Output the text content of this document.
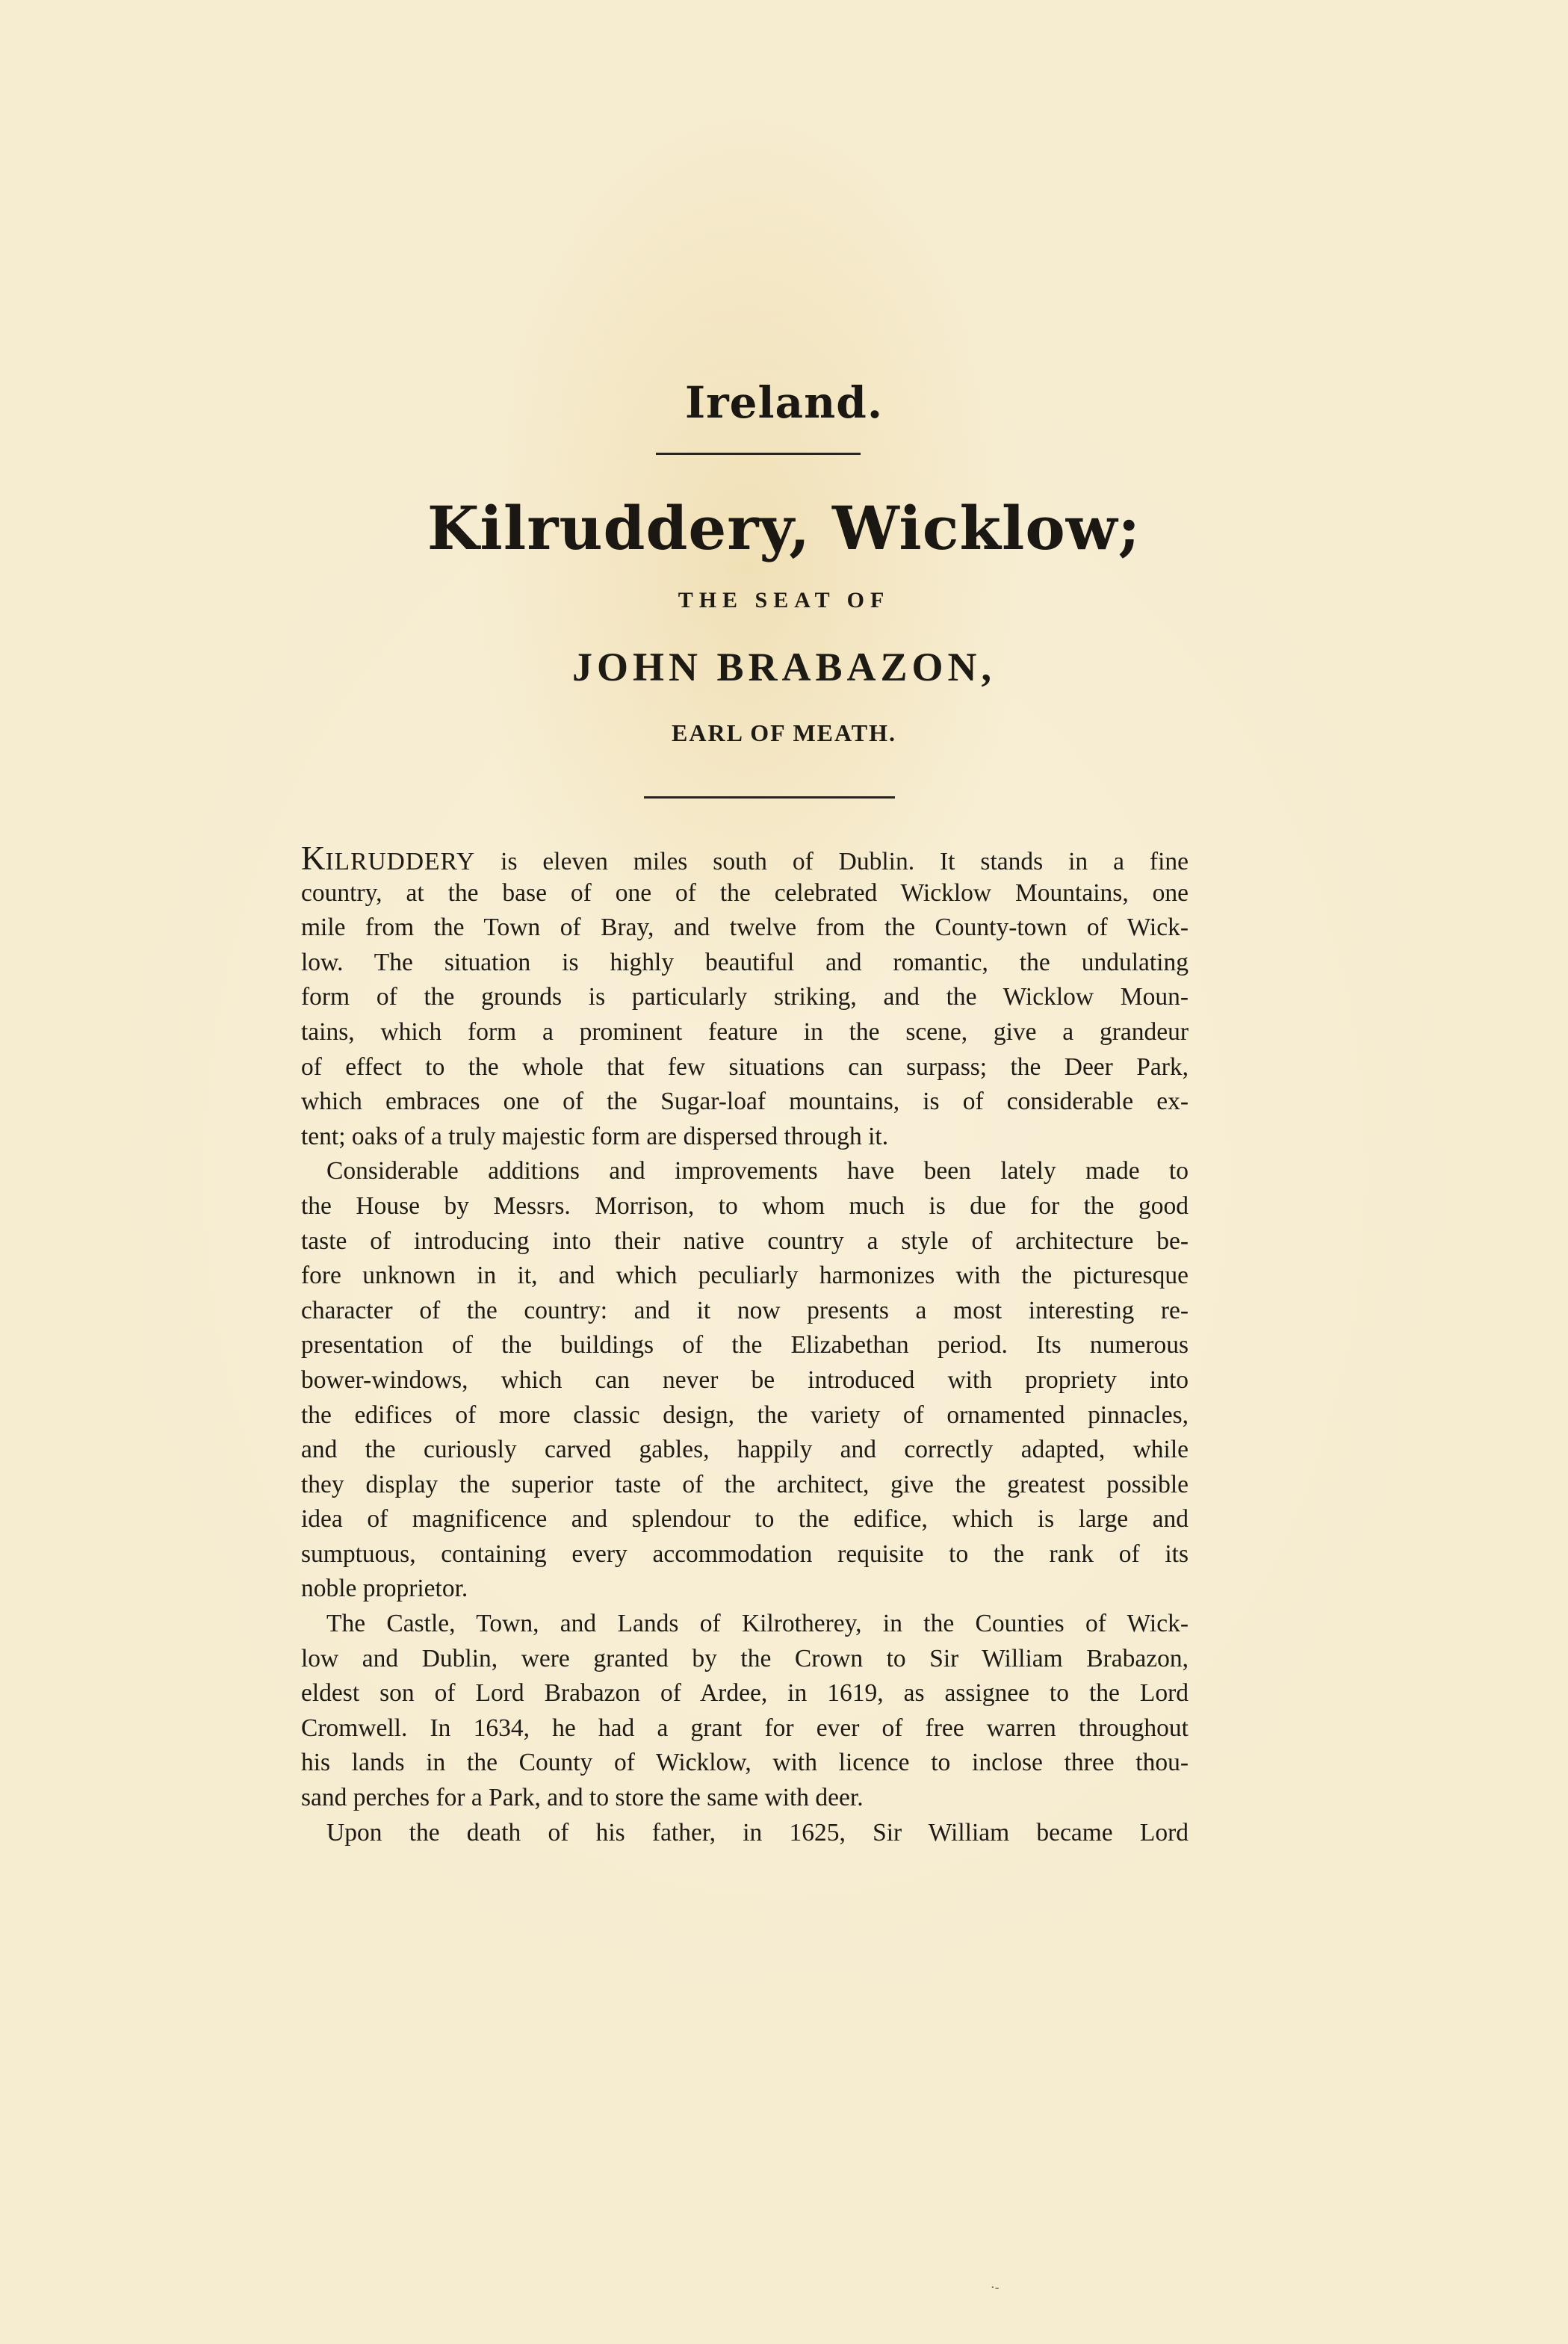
Ireland.
Kilruddery, Wicklow;
THE SEAT OF
JOHN BRABAZON,
EARL OF MEATH.
KILRUDDERY is eleven miles south of Dublin. It stands in a fine
country, at the base of one of the celebrated Wicklow Mountains, one
mile from the Town of Bray, and twelve from the County-town of Wick-
low. The situation is highly beautiful and romantic, the undulating
form of the grounds is particularly striking, and the Wicklow Moun-
tains, which form a prominent feature in the scene, give a grandeur
of effect to the whole that few situations can surpass; the Deer Park,
which embraces one of the Sugar-loaf mountains, is of considerable ex-
tent; oaks of a truly majestic form are dispersed through it.
Considerable additions and improvements have been lately made to
the House by Messrs. Morrison, to whom much is due for the good
taste of introducing into their native country a style of architecture be-
fore unknown in it, and which peculiarly harmonizes with the picturesque
character of the country: and it now presents a most interesting re-
presentation of the buildings of the Elizabethan period. Its numerous
bower-windows, which can never be introduced with propriety into
the edifices of more classic design, the variety of ornamented pinnacles,
and the curiously carved gables, happily and correctly adapted, while
they display the superior taste of the architect, give the greatest possible
idea of magnificence and splendour to the edifice, which is large and
sumptuous, containing every accommodation requisite to the rank of its
noble proprietor.
The Castle, Town, and Lands of Kilrotherey, in the Counties of Wick-
low and Dublin, were granted by the Crown to Sir William Brabazon,
eldest son of Lord Brabazon of Ardee, in 1619, as assignee to the Lord
Cromwell. In 1634, he had a grant for ever of free warren throughout
his lands in the County of Wicklow, with licence to inclose three thou-
sand perches for a Park, and to store the same with deer.
Upon the death of his father, in 1625, Sir William became Lord
·˗
